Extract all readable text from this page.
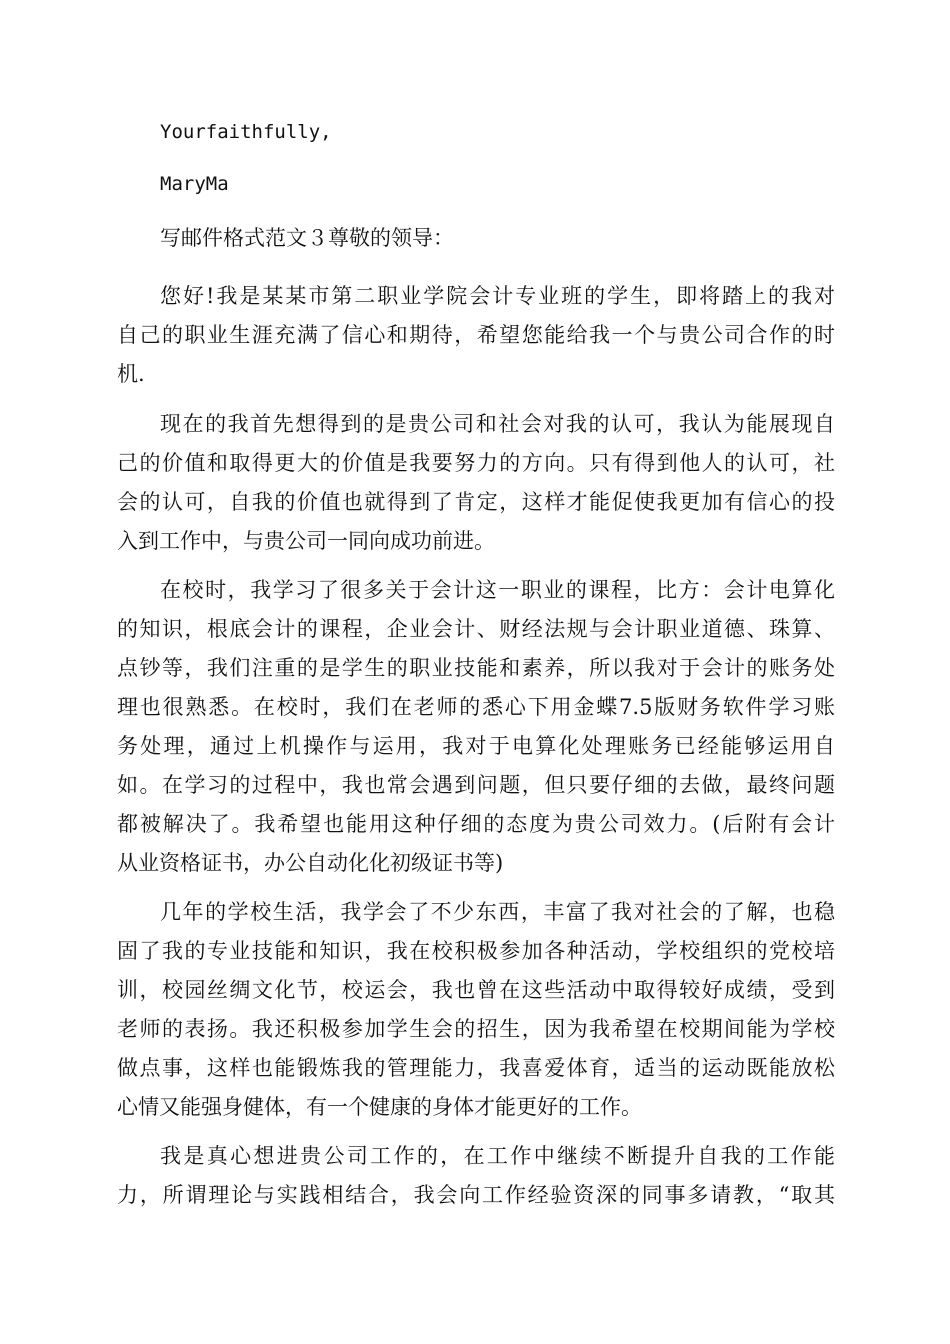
Yourfaithfully,
MaryMa
写邮件格式范文３尊敬的领导：
您好!我是某某市第二职业学院会计专业班的学生，即将踏上的我对
自己的职业生涯充满了信心和期待，希望您能给我一个与贵公司合作的时
机.
现在的我首先想得到的是贵公司和社会对我的认可，我认为能展现自
己的价值和取得更大的价值是我要努力的方向。只有得到他人的认可，社
会的认可，自我的价值也就得到了肯定，这样才能促使我更加有信心的投
入到工作中，与贵公司一同向成功前进。
在校时，我学习了很多关于会计这一职业的课程，比方：会计电算化
的知识，根底会计的课程，企业会计、财经法规与会计职业道德、珠算、
点钞等，我们注重的是学生的职业技能和素养，所以我对于会计的账务处
理也很熟悉。在校时，我们在老师的悉心下用金蝶7.5版财务软件学习账
务处理，通过上机操作与运用，我对于电算化处理账务已经能够运用自
如。在学习的过程中，我也常会遇到问题，但只要仔细的去做，最终问题
都被解决了。我希望也能用这种仔细的态度为贵公司效力。(后附有会计
从业资格证书，办公自动化化初级证书等)
几年的学校生活，我学会了不少东西，丰富了我对社会的了解，也稳
固了我的专业技能和知识，我在校积极参加各种活动，学校组织的党校培
训，校园丝绸文化节，校运会，我也曾在这些活动中取得较好成绩，受到
老师的表扬。我还积极参加学生会的招生，因为我希望在校期间能为学校
做点事，这样也能锻炼我的管理能力，我喜爱体育，适当的运动既能放松
心情又能强身健体，有一个健康的身体才能更好的工作。
我是真心想进贵公司工作的，在工作中继续不断提升自我的工作能
力，所谓理论与实践相结合，我会向工作经验资深的同事多请教，“取其
